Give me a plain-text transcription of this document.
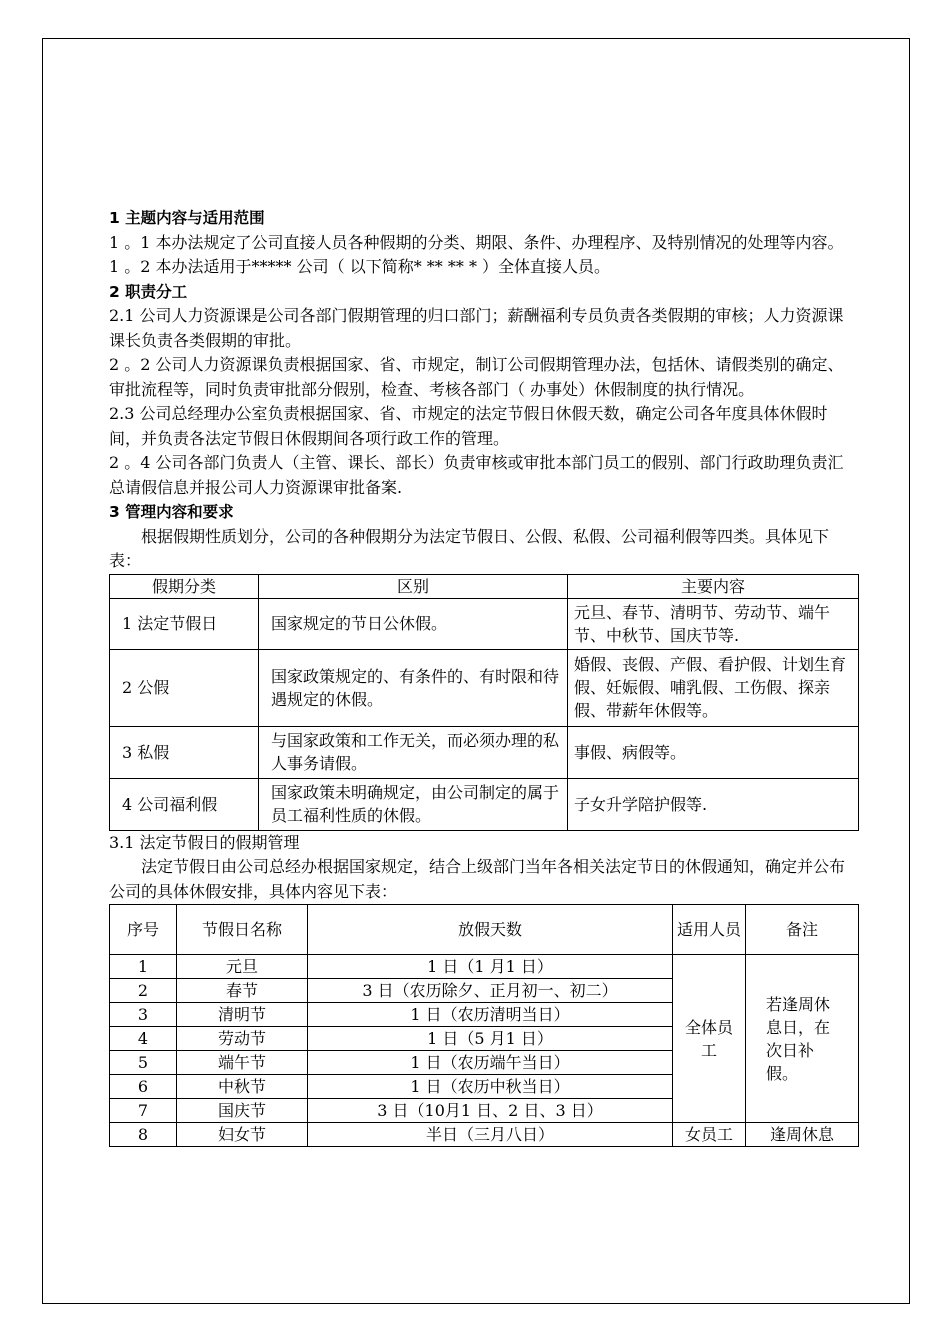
1 主题内容与适用范围

1 。1 本办法规定了公司直接人员各种假期的分类、期限、条件、办理程序、及特别情况的处理等内容。

1 。2 本办法适用于***** 公司（ 以下简称* ** ** * ）全体直接人员。

2 职责分工

2.1 公司人力资源课是公司各部门假期管理的归口部门；薪酬福利专员负责各类假期的审核；人力资源课课长负责各类假期的审批。

2 。2 公司人力资源课负责根据国家、省、市规定，制订公司假期管理办法，包括休、请假类别的确定、审批流程等，同时负责审批部分假别，检查、考核各部门（ 办事处）休假制度的执行情况。

2.3 公司总经理办公室负责根据国家、省、市规定的法定节假日休假天数，确定公司各年度具体休假时间，并负责各法定节假日休假期间各项行政工作的管理。

2 。4 公司各部门负责人（主管、课长、部长）负责审核或审批本部门员工的假别、部门行政助理负责汇总请假信息并报公司人力资源课审批备案.

3 管理内容和要求

根据假期性质划分，公司的各种假期分为法定节假日、公假、私假、公司福利假等四类。具体见下表：

假期分类	区别	主要内容
1 法定节假日	国家规定的节日公休假。	元旦、春节、清明节、劳动节、端午节、中秋节、国庆节等.
2 公假	国家政策规定的、有条件的、有时限和待遇规定的休假。	婚假、丧假、产假、看护假、计划生育假、妊娠假、哺乳假、工伤假、探亲假、带薪年休假等。
3 私假	与国家政策和工作无关，而必须办理的私人事务请假。	事假、病假等。
4 公司福利假	国家政策未明确规定，由公司制定的属于员工福利性质的休假。	子女升学陪护假等.

3.1 法定节假日的假期管理

法定节假日由公司总经办根据国家规定，结合上级部门当年各相关法定节日的休假通知，确定并公布公司的具体休假安排，具体内容见下表：

序号	节假日名称	放假天数	适用人员	备注
1	元旦	1 日（1 月1 日）	全体员工	若逢周休息日，在次日补假。
2	春节	3 日（农历除夕、正月初一、初二）		
3	清明节	1 日（农历清明当日）		
4	劳动节	1 日（5 月1 日）		
5	端午节	1 日（农历端午当日）		
6	中秋节	1 日（农历中秋当日）		
7	国庆节	3 日（10月1 日、2 日、3 日）		
8	妇女节	半日（三月八日）	女员工	逢周休息
